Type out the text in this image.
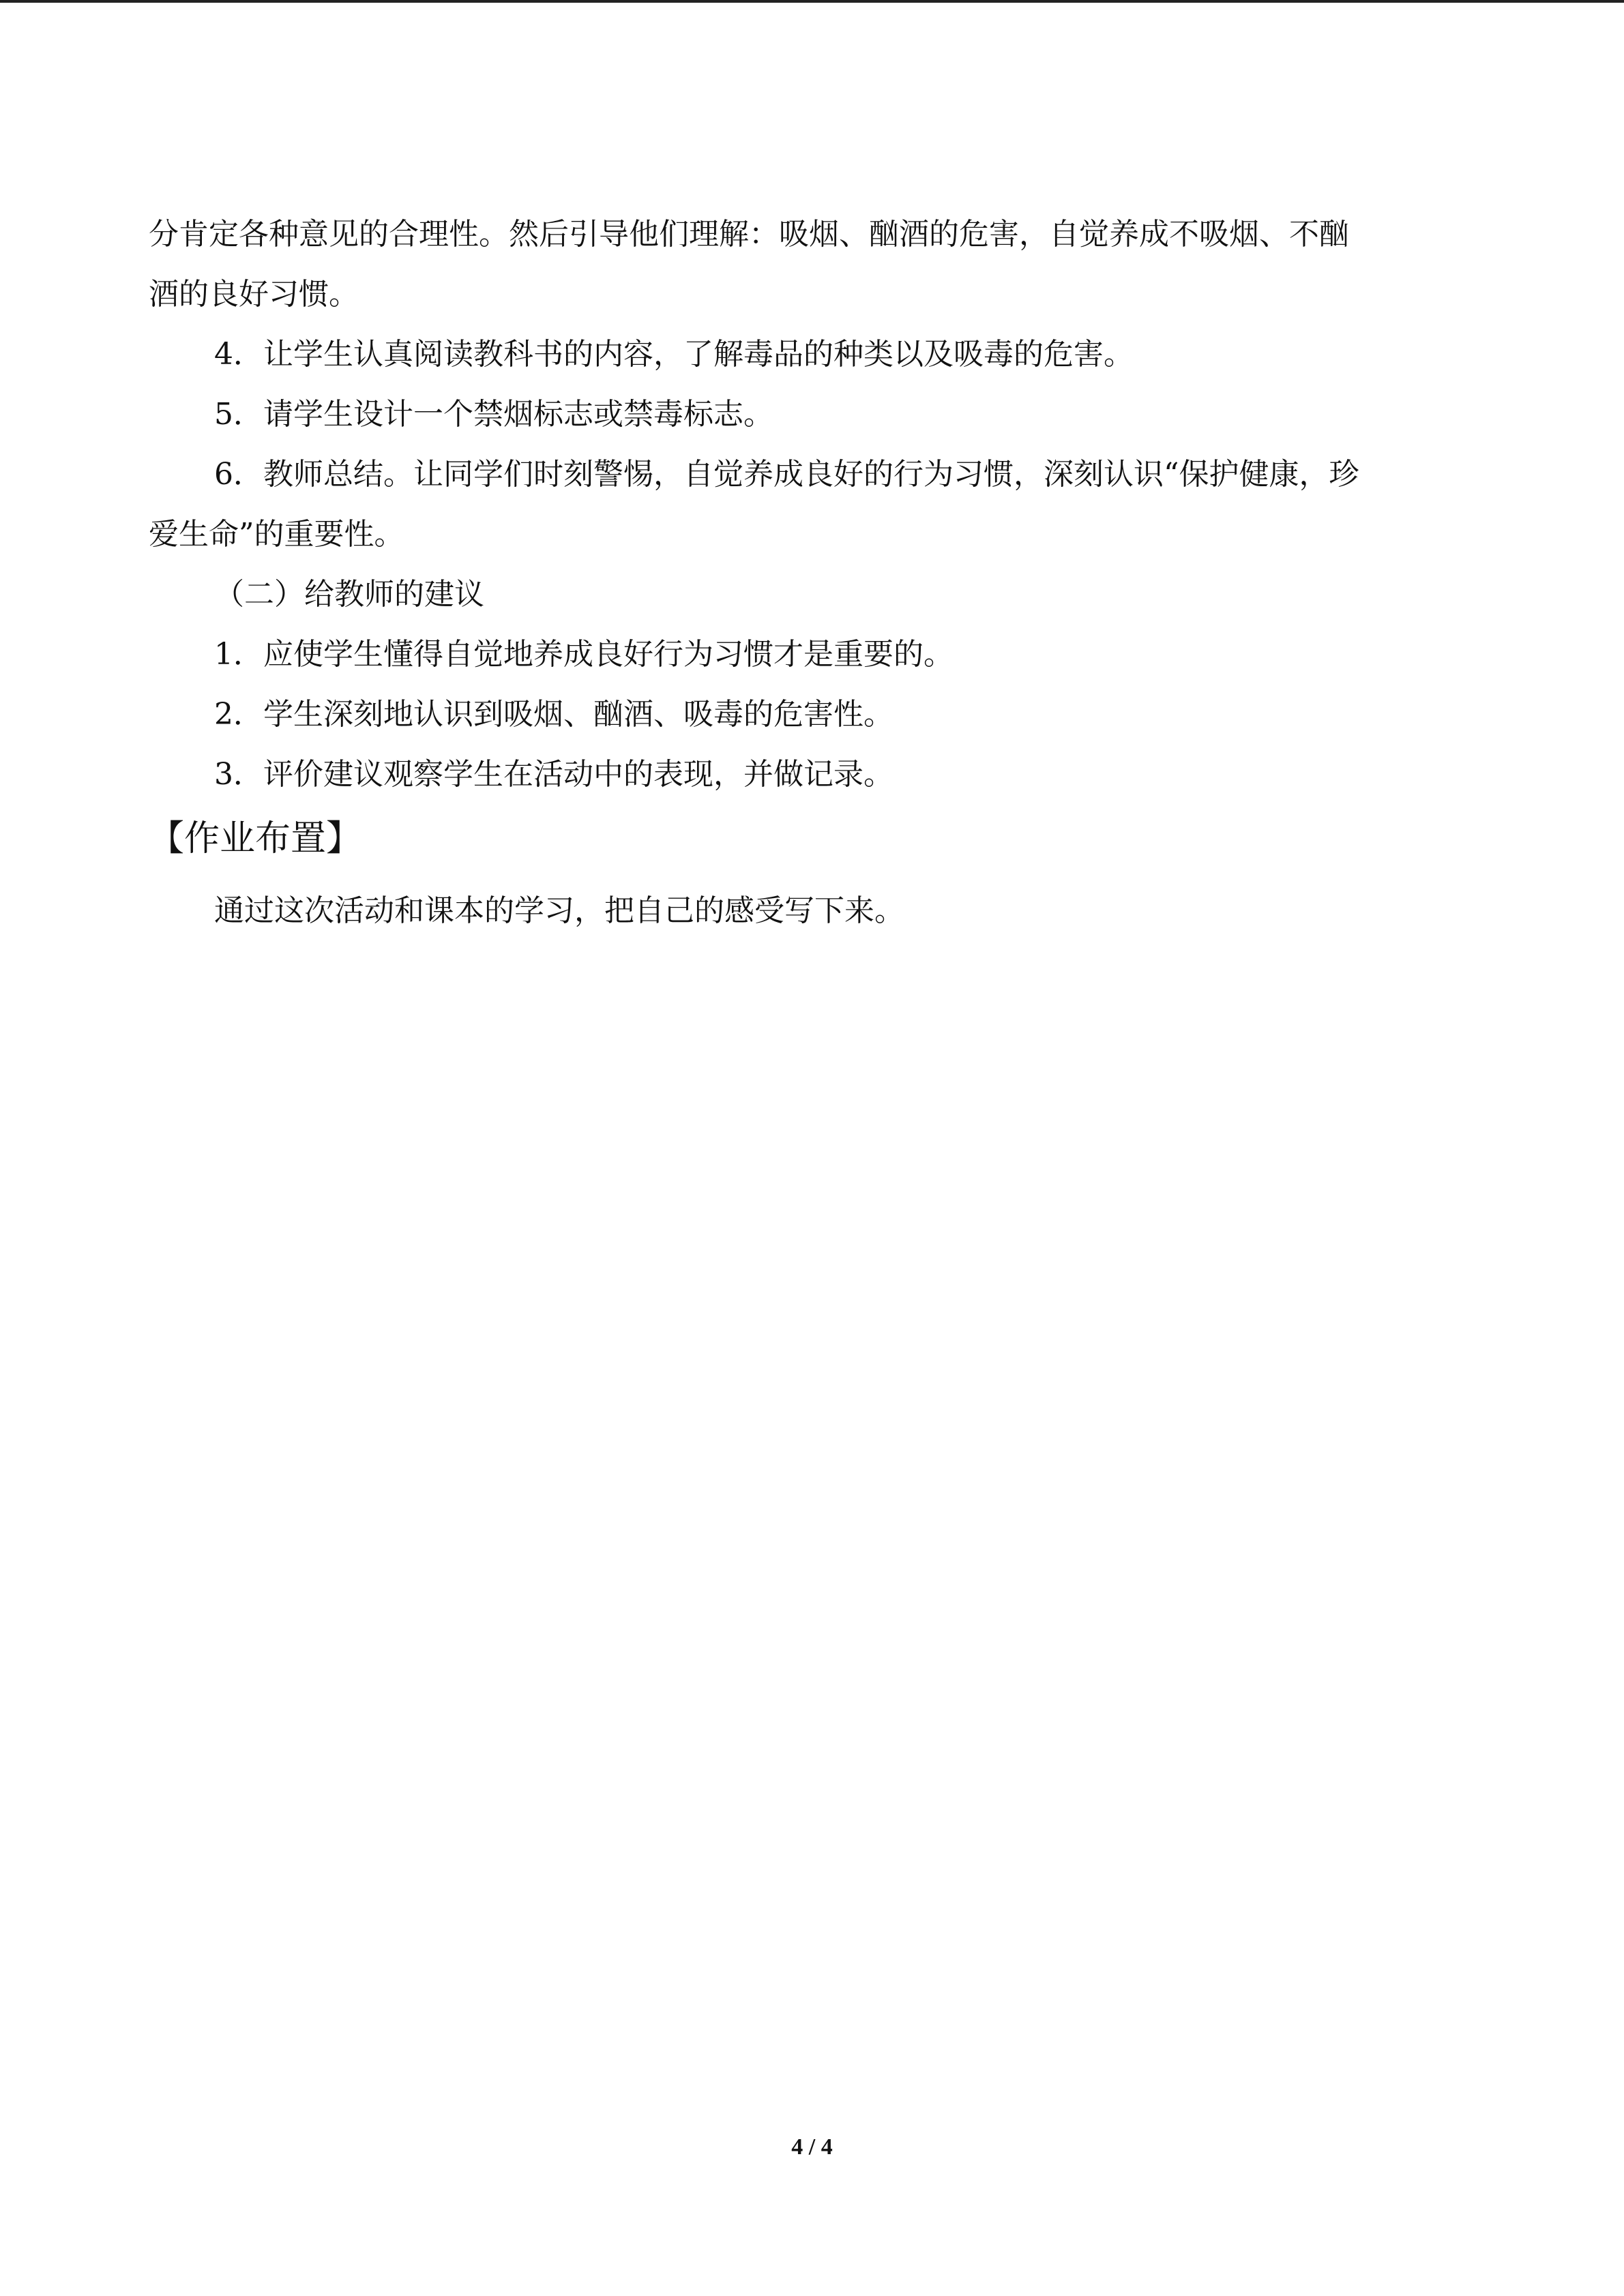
分肯定各种意见的合理性。然后引导他们理解：吸烟、酗酒的危害，自觉养成不吸烟、不酗

酒的良好习惯。

4．让学生认真阅读教科书的内容，了解毒品的种类以及吸毒的危害。

5．请学生设计一个禁烟标志或禁毒标志。

6．教师总结。让同学们时刻警惕，自觉养成良好的行为习惯，深刻认识“保护健康，珍

爱生命”的重要性。

（二）给教师的建议

1．应使学生懂得自觉地养成良好行为习惯才是重要的。

2．学生深刻地认识到吸烟、酗酒、吸毒的危害性。

3．评价建议观察学生在活动中的表现，并做记录。

【作业布置】

通过这次活动和课本的学习，把自己的感受写下来。

4 / 4
